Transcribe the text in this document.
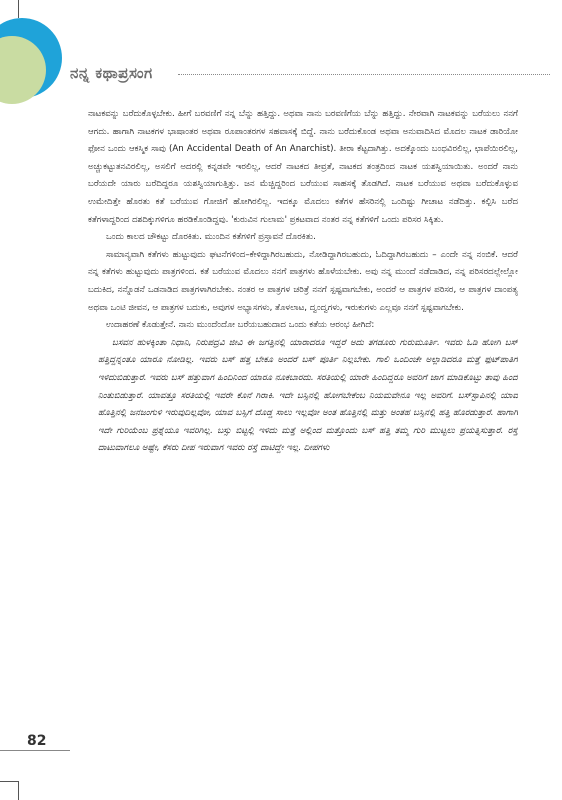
ನನ್ನ ಕಥಾಪ್ರಸಂಗ

ನಾಟಕವನ್ನು ಬರೆದುಕೊಳ್ಳಬೇಕು. ಹೀಗೆ ಬರವಣಿಗೆ ನನ್ನ ಬೆನ್ನು ಹತ್ತಿದ್ದು. ಅಥವಾ ನಾನು ಬರವಣಿಗೆಯ ಬೆನ್ನು ಹತ್ತಿದ್ದು. ನೇರವಾಗಿ ನಾಟಕವನ್ನು ಬರೆಯಲು ನನಗೆ ಆಗದು. ಹಾಗಾಗಿ ನಾಟಕಗಳ ಭಾಷಾಂತರ ಅಥವಾ ರೂಪಾಂತರಗಳ ಸಹವಾಸಕ್ಕೆ ಬಿದ್ದೆ. ನಾನು ಬರೆದುಕೊಂಡ ಅಥವಾ ಅನುವಾದಿಸಿದ ಮೊದಲ ನಾಟಕ ಡಾರಿಯೋ ಫೋನ ಒಂದು ಆಕಸ್ಮಿಕ ಸಾವು (An Accidental Death of An Anarchist). ತೀರಾ ಕೆಟ್ಟದಾಗಿತ್ತು. ಅದಕ್ಕೊಂದು ಬಂಧವಿರಲಿಲ್ಲ, ಛಾಪೆಯಿರಲಿಲ್ಲ, ಅಚ್ಚುಕಟ್ಟುತನವಿರಲಿಲ್ಲ, ಅಸಲಿಗೆ ಅದರಲ್ಲಿ ಕನ್ನಡವೇ ಇರಲಿಲ್ಲ, ಆದರೆ ನಾಟಕದ ತೀವ್ರತೆ, ನಾಟಕದ ತಂತ್ರದಿಂದ ನಾಟಕ ಯಶಸ್ವಿಯಾಯಿತು. ಅಂದರೆ ನಾನು ಬರೆಯದೇ ಯಾರು ಬರೆದಿದ್ದರೂ ಯಶಸ್ವಿಯಾಗುತ್ತಿತ್ತು. ಜನ ಮೆಚ್ಚಿದ್ದರಿಂದ ಬರೆಯುವ ಸಾಹಸಕ್ಕೆ ತೊಡಗಿದೆ. ನಾಟಕ ಬರೆಯುವ ಅಥವಾ ಬರೆದುಕೊಳ್ಳುವ ಉಮೇದಿತ್ತೇ ಹೊರತು ಕತೆ ಬರೆಯುವ ಗೋಜಿಗೆ ಹೋಗಿರಲಿಲ್ಲ. ಇದಕ್ಕೂ ಮೊದಲು ಕತೆಗಳ ಹೆಸರಿನಲ್ಲಿ ಒಂದಿಷ್ಟು ಗೀಚಾಟ ನಡೆದಿತ್ತು. ಕಲ್ಪಿಸಿ ಬರೆದ ಕತೆಗಳಾದ್ದರಿಂದ ದಶದಿಕ್ಕುಗಳಿಗೂ ಹರಡಿಕೊಂಡಿದ್ದವು. 'ಕುರುವಿನ ಗುಲಾಮ' ಪ್ರಕಟವಾದ ನಂತರ ನನ್ನ ಕತೆಗಳಿಗೆ ಒಂದು ಪರಿಸರ ಸಿಕ್ಕಿತು.

ಒಂದು ಕಾಲದ ಚೌಕಟ್ಟು ದೊರಕಿತು. ಮುಂದಿನ ಕತೆಗಳಿಗೆ ಪ್ರಸ್ತಾವನೆ ದೊರಕಿತು.

ಸಾಮಾನ್ಯವಾಗಿ ಕತೆಗಳು ಹುಟ್ಟುವುದು ಘಟನೆಗಳಿಂದ–ಕೇಳಿದ್ದಾಗಿರಬಹುದು, ನೋಡಿದ್ದಾಗಿರಬಹುದು, ಓದಿದ್ದಾಗಿರಬಹುದು – ಎಂದೇ ನನ್ನ ನಂಬಿಕೆ. ಆದರೆ ನನ್ನ ಕತೆಗಳು ಹುಟ್ಟುವುದು ಪಾತ್ರಗಳಿಂದ. ಕತೆ ಬರೆಯುವ ಮೊದಲು ನನಗೆ ಪಾತ್ರಗಳು ಹೊಳೆಯಬೇಕು. ಅವು ನನ್ನ ಮುಂದೆ ನಡೆದಾಡಿದ, ನನ್ನ ಪರಿಸರದಲ್ಲೇಲ್ಲೋ ಬದುಕಿದ, ನನ್ನೊಡನೆ ಒಡನಾಡಿದ ಪಾತ್ರಗಳಾಗಿರಬೇಕು. ನಂತರ ಆ ಪಾತ್ರಗಳ ಚರಿತ್ರೆ ನನಗೆ ಸ್ಪಷ್ಟವಾಗಬೇಕು, ಅಂದರೆ ಆ ಪಾತ್ರಗಳ ಪರಿಸರ, ಆ ಪಾತ್ರಗಳ ದಾಂಪತ್ಯ ಅಥವಾ ಒಂಟಿ ಜೀವನ, ಆ ಪಾತ್ರಗಳ ಬದುಕು, ಅವುಗಳ ಅಭ್ಯಾಸಗಳು, ತೊಳಲಾಟ, ದ್ವಂದ್ವಗಳು, ಇರುಕುಗಳು ಎಲ್ಲವೂ ನನಗೆ ಸ್ಪಷ್ಟವಾಗಬೇಕು.

ಉದಾಹರಣೆ ಕೊಡುತ್ತೇನೆ. ನಾನು ಮುಂದೆಂದೋ ಬರೆಯಬಹುದಾದ ಒಂದು ಕತೆಯ ಆರಂಭ ಹೀಗಿದೆ:

ಬಸವನ ಹುಳಕ್ಕಿಂತಾ ನಿಧಾನಿ, ನಿರುಪದ್ರವಿ ಜೀವಿ ಈ ಜಗತ್ತಿನಲ್ಲಿ ಯಾರಾದರೂ ಇದ್ದರೆ ಅದು ತಗಡೂರು ಗುರುಮೂರ್ತಿ. ಇವರು ಓಡಿ ಹೋಗಿ ಬಸ್ ಹತ್ತಿದ್ದನ್ನಂತೂ ಯಾರೂ ನೋಡಿಲ್ಲ. ಇವರು ಬಸ್ ಹತ್ತ ಬೇಕೂ ಅಂದರೆ ಬಸ್ ಪೂರ್ತಿ ನಿಲ್ಲಬೇಕು. ಗಾಲಿ ಒಂದಿಂಚೇ ಅಲ್ಲಾಡಿದರೂ ಮತ್ತೆ ಫುಟ್‌ಪಾತಿಗೆ ಇಳಿದುಬಿಡುತ್ತಾರೆ. ಇವರು ಬಸ್ ಹತ್ತುವಾಗ ಹಿಂದಿನಿಂದ ಯಾರೂ ನೂಕಬಾರದು. ಸರತಿಯಲ್ಲಿ ಯಾರೇ ಹಿಂದಿದ್ದರೂ ಅವರಿಗೆ ಜಾಗ ಮಾಡಿಕೊಟ್ಟು ತಾವು ಹಿಂದೆ ನಿಂತುಬಿಡುತ್ತಾರೆ. ಯಾವತ್ತೂ ಸರತಿಯಲ್ಲಿ ಇವರೇ ಕೊನೆ ಗಿರಾಕಿ. ಇದೇ ಬಸ್ಸಿನಲ್ಲಿ ಹೋಗಬೇಕೆಂಬ ನಿಯಮವೇನೂ ಇಲ್ಲ ಅವರಿಗೆ. ಬಸ್‌ಸ್ಟಾಪಿನಲ್ಲಿ ಯಾವ ಹೊತ್ತಿನಲ್ಲಿ ಜನಜಂಗುಳಿ ಇರುವುದಿಲ್ಲವೋ, ಯಾವ ಬಸ್ಸಿಗೆ ದೊಡ್ಡ ಸಾಲು ಇಲ್ಲವೋ ಅಂತ ಹೊತ್ತಿನಲ್ಲಿ ಮತ್ತು ಅಂತಹ ಬಸ್ಸಿನಲ್ಲಿ ಹತ್ತಿ ಹೊರಡುತ್ತಾರೆ. ಹಾಗಾಗಿ ಇದೇ ಗುರಿಯೆಂಬ ಪ್ರಶ್ನೆಯೂ ಇವರಿಗಿಲ್ಲ. ಬಸ್ಸು ಬಿಟ್ಟಲ್ಲಿ ಇಳಿದು ಮತ್ತೆ ಅಲ್ಲಿಂದ ಮತ್ತೊಂದು ಬಸ್ ಹತ್ತಿ ತಮ್ಮ ಗುರಿ ಮುಟ್ಟಲು ಪ್ರಯತ್ನಿಸುತ್ತಾರೆ. ರಸ್ತೆ ದಾಟುವಾಗಲೂ ಅಷ್ಟೇ, ಕೆಸರು ದೀಪ ಇರುವಾಗ ಇವರು ರಸ್ತೆ ದಾಟಿದ್ದೇ ಇಲ್ಲ. ದೀಪಗಳು

82
